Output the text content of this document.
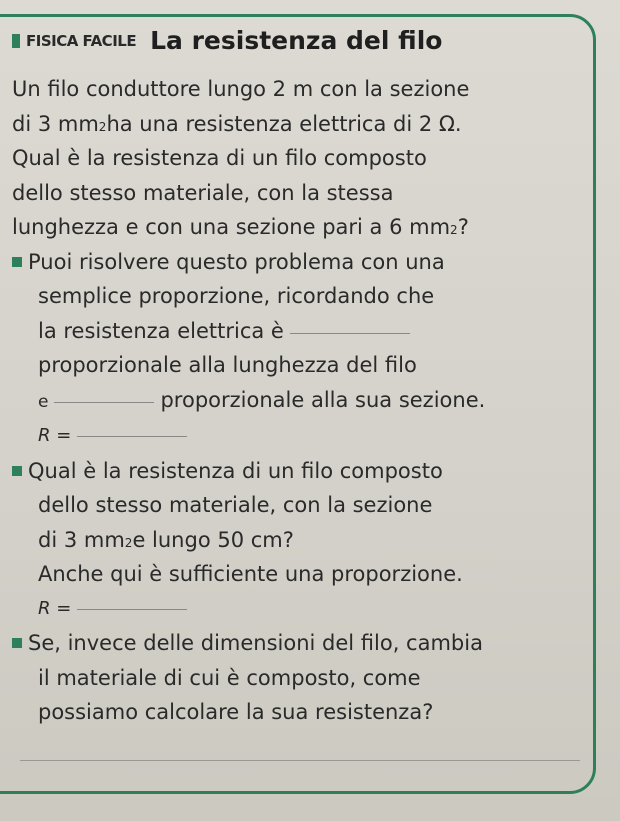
FISICA FACILE La resistenza del filo
Un filo conduttore lungo 2 m con la sezione
di 3 mm 2 ha una resistenza elettrica di 2 Ω.
Qual è la resistenza di un filo composto
dello stesso materiale, con la stessa
lunghezza e con una sezione pari a 6 mm 2 ?
Puoi risolvere questo problema con una
semplice proporzione, ricordando che
la resistenza elettrica è
proporzionale alla lunghezza del filo
e	proporzionale alla sua sezione.
R =
Qual è la resistenza di un filo composto
dello stesso materiale, con la sezione
di 3 mm 2 e lungo 50 cm?
Anche qui è sufficiente una proporzione.
R =
Se, invece delle dimensioni del filo, cambia
il materiale di cui è composto, come
possiamo calcolare la sua resistenza?
